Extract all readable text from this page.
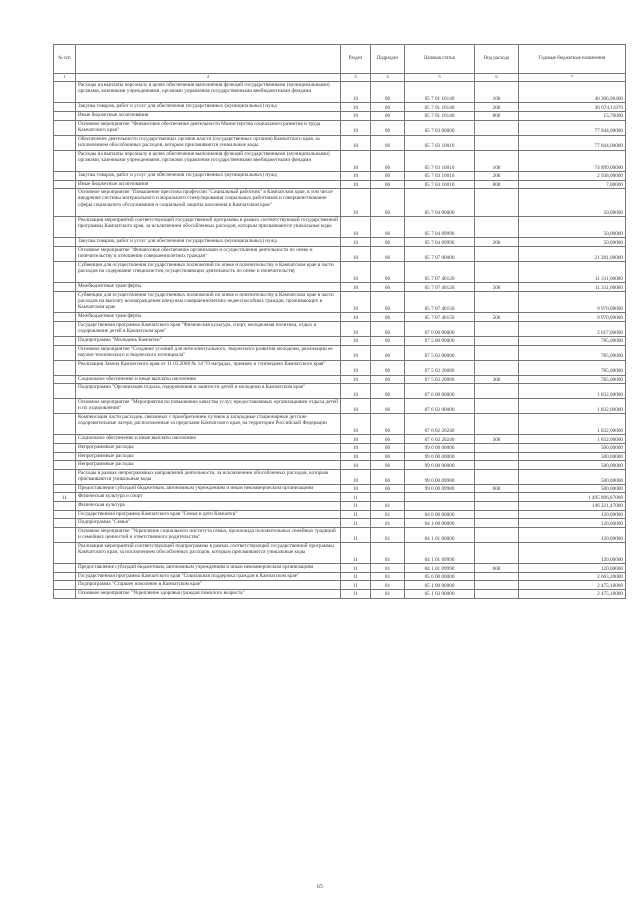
№ п/п		Раздел	Подраздел	Целевая статья	Вид расхода	Годовые бюджетные назначения
1	2	3	4	5	6	7
	Расходы на выплаты персоналу в целях обеспечения выполнения функций государственными (муниципальными) органами, казенными учреждениями, органами управления государственными внебюджетными фондами	10	06	05 7 01 10140	100	40 306,96400
	Закупка товаров, работ и услуг для обеспечения государственных (муниципальных) нужд	10	06	05 7 01 10140	200	36 674,11870
	Иные бюджетные ассигнования	10	06	05 7 01 10140	800	15,70000
	Основное мероприятие "Финансовое обеспечение деятельности Министерства социального развития и труда Камчатского края"	10	06	05 7 03 00000		77 844,00000
	Обеспечение деятельности государственных органов власти (государственных органов) Камчатского края, за исключением обособленных расходов, которым присваиваются уникальные коды	10	06	05 7 03 10010		77 844,00000
	Расходы на выплаты персоналу в целях обеспечения выполнения функций государственными (муниципальными) органами, казенными учреждениями, органами управления государственными внебюджетными фондами	10	06	05 7 03 10010	100	74 899,00000
	Закупка товаров, работ и услуг для обеспечения государственных (муниципальных) нужд	10	06	05 7 03 10010	200	2 938,00000
	Иные бюджетные ассигнования	10	06	05 7 03 10010	800	7,00000
	Основное мероприятие "Повышение престижа профессии "Социальный работник" в Камчатском крае, в том числе внедрение системы материального и морального стимулирования социальных работников и совершенствование сферы социального обслуживания и социальной защиты населения в Камчатском крае"	10	06	05 7 04 00000		50,00000
	Реализация мероприятий соответствующей государственной программы в рамках соответствующей государственной программы Камчатского края, за исключением обособленных расходов, которым присваиваются уникальные коды	10	06	05 7 04 09990		50,00000
	Закупка товаров, работ и услуг для обеспечения государственных (муниципальных) нужд	10	06	05 7 04 09990	200	50,00000
	Основное мероприятие "Финансовое обеспечение организации и осуществления деятельности по опеке и попечительству в отношении совершеннолетних граждан"	10	06	05 7 07 00000		21 281,00000
	Субвенции для осуществления государственных полномочий по опеке и попечительству в Камчатском крае в части расходов на содержание специалистов, осуществляющих деятельность по опеке и попечительству	10	06	05 7 07 40120		11 311,00000
	Межбюджетные трансферты	10	06	05 7 07 40120	500	11 311,00000
	Субвенции для осуществления государственных полномочий по опеке и попечительству в Камчатском крае в части расходов на выплату вознаграждения опекунам совершеннолетних недееспособных граждан, проживающих в Камчатском крае	10	06	05 7 07 40150		9 970,00000
	Межбюджетные трансферты	10	06	05 7 07 40150	500	9 970,00000
	Государственная программа Камчатского края "Физическая культура, спорт, молодежная политика, отдых и оздоровление детей в Камчатском крае"	10	06	07 0 00 00000		2 617,00000
	Подпрограмма "Молодежь Камчатки"	10	06	07 5 00 00000		785,00000
	Основное мероприятие "Создание условий для интеллектуального, творческого развития молодежи, реализации ее научно-технического и творческого потенциала"	10	06	07 5 02 00000		785,00000
	Реализация Закона Камчатского края от 11.03.2008 № 14 "О наградах, премиях и стипендиях Камчатского края"	10	06	07 5 02 20080		785,00000
	Социальное обеспечение и иные выплаты населению	10	06	07 5 02 20080	300	785,00000
	Подпрограмма "Организация отдыха, оздоровления и занятости детей и молодежи в Камчатском крае"	10	06	07 6 00 00000		1 832,00000
	Основное мероприятие "Мероприятия по повышению качества услуг, предоставляемых организациями отдыха детей и их оздоровления"	10	06	07 6 02 00000		1 832,00000
	Компенсация части расходов, связанных с приобретением путевок в загородные стационарные детские оздоровительные лагеря, расположенные за пределами Камчатского края, на территории Российской Федерации	10	06	07 6 02 20240		1 832,00000
	Социальное обеспечение и иные выплаты населению	10	06	07 6 02 20240	300	1 832,00000
	Непрограммные расходы	10	06	99 0 00 00000		500,00000
	Непрограммные расходы	10	06	99 0 00 00000		500,00000
	Непрограммные расходы	10	06	99 0 00 00000		500,00000
	Расходы в рамках непрограммных направлений деятельности, за исключением обособленных расходов, которым присваиваются уникальные коды	10	06	99 0 00 09980		500,00000
	Предоставление субсидий бюджетным, автономным учреждениям и иным некоммерческим организациям	10	06	99 0 00 09980	600	500,00000
11	Физическая культура и спорт	11				1 495 896,87000
	Физическая культура	11	01			146 321,47000
	Государственная программа Камчатского края "Семья и дети Камчатки"	11	01	04 0 00 00000		120,00000
	Подпрограмма "Семья"	11	01	04 1 00 00000		120,00000
	Основное мероприятие "Укрепление социального института семьи, пропаганда положительных семейных традиций и семейных ценностей и ответственного родительства"	11	01	04 1 01 00000		120,00000
	Реализация мероприятий соответствующей подпрограммы в рамках соответствующей государственной программы Камчатского края, за исключением обособленных расходов, которым присваиваются уникальные коды	11	01	04 1 01 09990		120,00000
	Предоставление субсидий бюджетным, автономным учреждениям и иным некоммерческим организациям	11	01	04 1 01 09990	600	120,00000
	Государственная программа Камчатского края "Социальная поддержка граждан в Камчатском крае"	11	01	05 0 00 00000		2 663,20000
	Подпрограмма "Старшее поколение в Камчатском крае"	11	01	05 1 00 00000		2 475,10000
	Основное мероприятие "Укрепление здоровья граждан пожилого возраста"	11	01	05 1 03 00000		2 475,10000
65
